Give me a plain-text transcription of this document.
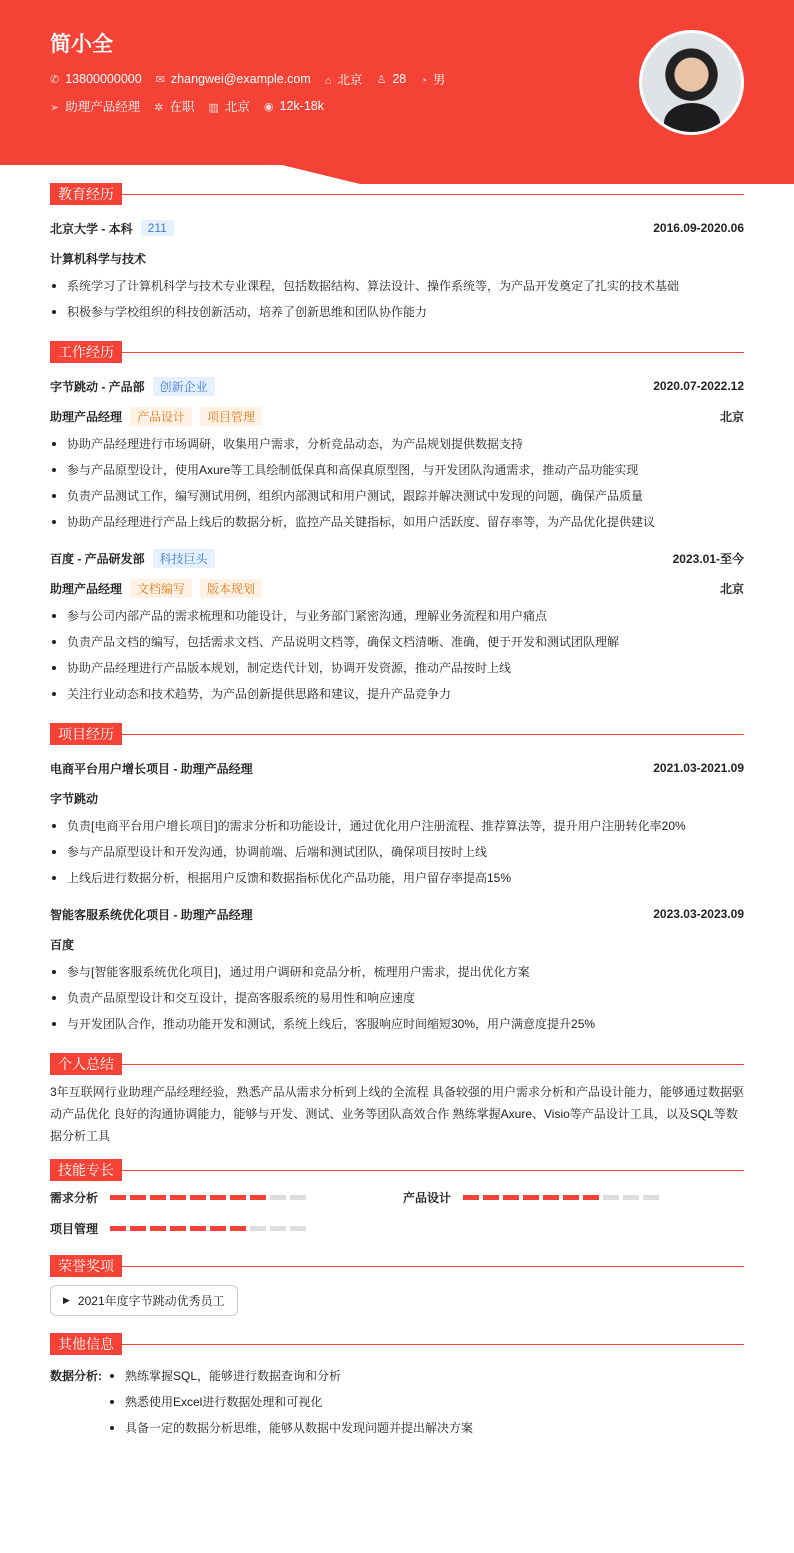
简小全
✆ 13800000000 ✉ zhangwei@example.com ⌂ 北京 ♙ 28 ◔ 男
➢ 助理产品经理 ✲ 在职 ▥ 北京 ◉ 12k-18k
教育经历
北京大学 - 本科	211	2016.09-2020.06
计算机科学与技术
系统学习了计算机科学与技术专业课程，包括数据结构、算法设计、操作系统等，为产品开发奠定了扎实的技术基础
积极参与学校组织的科技创新活动，培养了创新思维和团队协作能力
工作经历
字节跳动 - 产品部	创新企业	2020.07-2022.12
助理产品经理	产品设计	项目管理	北京
协助产品经理进行市场调研，收集用户需求，分析竞品动态，为产品规划提供数据支持
参与产品原型设计，使用Axure等工具绘制低保真和高保真原型图，与开发团队沟通需求，推动产品功能实现
负责产品测试工作，编写测试用例，组织内部测试和用户测试，跟踪并解决测试中发现的问题，确保产品质量
协助产品经理进行产品上线后的数据分析，监控产品关键指标，如用户活跃度、留存率等，为产品优化提供建议
百度 - 产品研发部	科技巨头	2023.01-至今
助理产品经理	文档编写	版本规划	北京
参与公司内部产品的需求梳理和功能设计，与业务部门紧密沟通，理解业务流程和用户痛点
负责产品文档的编写，包括需求文档、产品说明文档等，确保文档清晰、准确，便于开发和测试团队理解
协助产品经理进行产品版本规划，制定迭代计划，协调开发资源，推动产品按时上线
关注行业动态和技术趋势，为产品创新提供思路和建议，提升产品竞争力
项目经历
电商平台用户增长项目 - 助理产品经理	2021.03-2021.09
字节跳动
负责[电商平台用户增长项目]的需求分析和功能设计，通过优化用户注册流程、推荐算法等，提升用户注册转化率20%
参与产品原型设计和开发沟通，协调前端、后端和测试团队，确保项目按时上线
上线后进行数据分析，根据用户反馈和数据指标优化产品功能，用户留存率提高15%
智能客服系统优化项目 - 助理产品经理	2023.03-2023.09
百度
参与[智能客服系统优化项目]，通过用户调研和竞品分析，梳理用户需求，提出优化方案
负责产品原型设计和交互设计，提高客服系统的易用性和响应速度
与开发团队合作，推动功能开发和测试，系统上线后，客服响应时间缩短30%，用户满意度提升25%
个人总结
3年互联网行业助理产品经理经验，熟悉产品从需求分析到上线的全流程 具备较强的用户需求分析和产品设计能力，能够通过数据驱动产品优化 良好的沟通协调能力，能够与开发、测试、业务等团队高效合作 熟练掌握Axure、Visio等产品设计工具，以及SQL等数据分析工具
技能专长
需求分析	产品设计
项目管理
荣誉奖项
▶ 2021年度字节跳动优秀员工
其他信息
数据分析:	熟练掌握SQL，能够进行数据查询和分析
熟悉使用Excel进行数据处理和可视化
具备一定的数据分析思维，能够从数据中发现问题并提出解决方案
